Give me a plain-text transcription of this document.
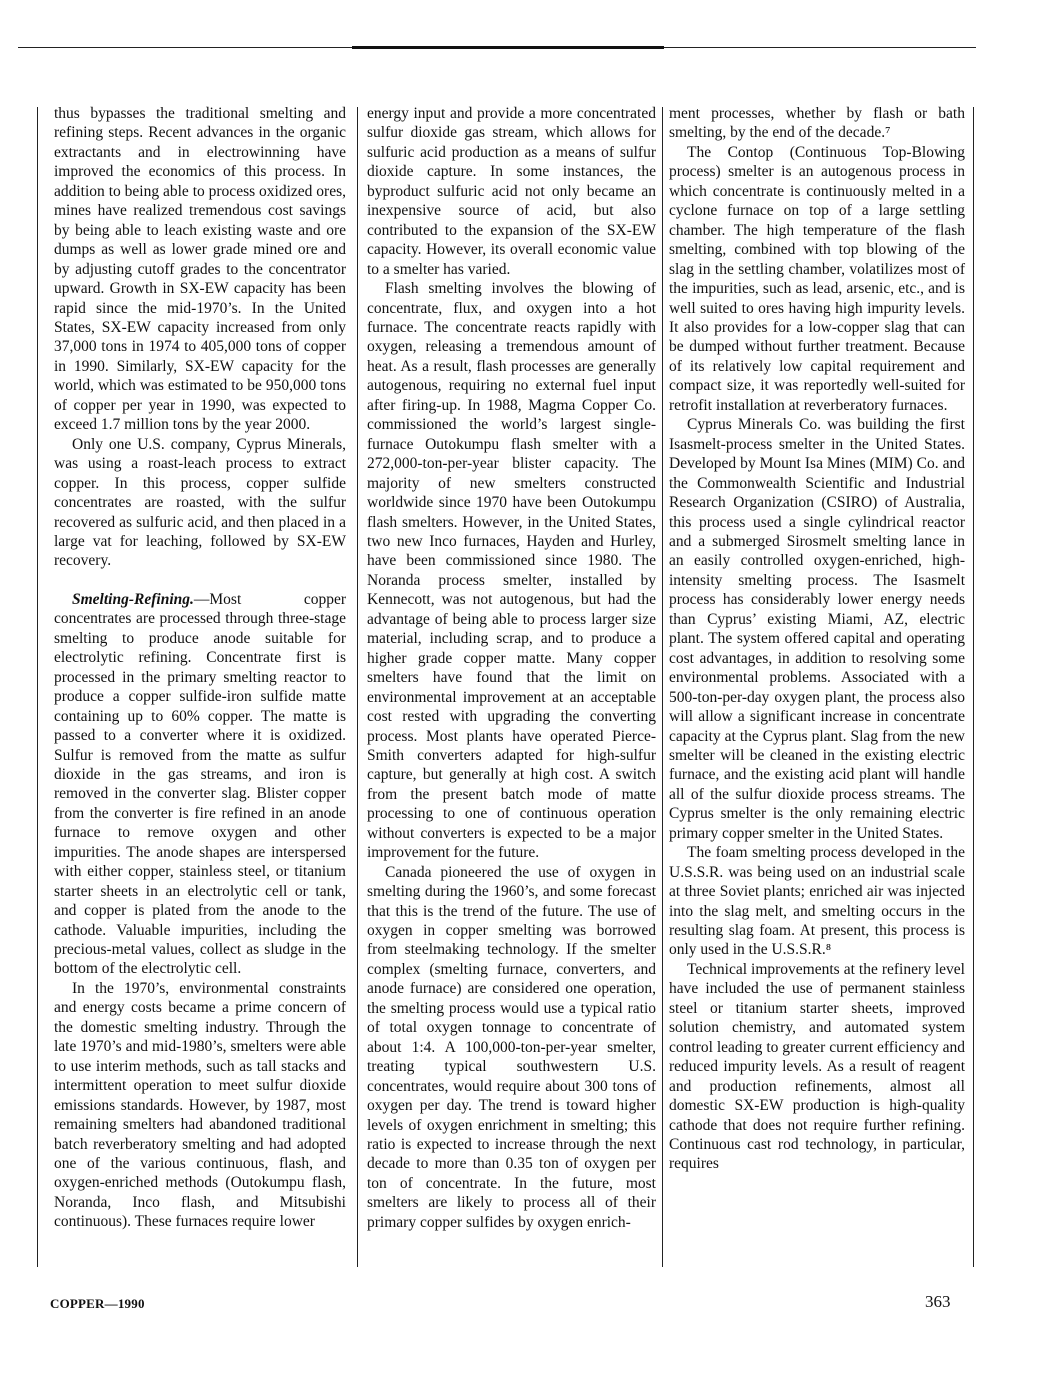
thus bypasses the traditional smelting and refining steps. Recent advances in the organic extractants and in electrowinning have improved the economics of this process. In addition to being able to process oxidized ores, mines have realized tremendous cost savings by being able to leach existing waste and ore dumps as well as lower grade mined ore and by adjusting cutoff grades to the concentrator upward. Growth in SX-EW capacity has been rapid since the mid-1970’s. In the United States, SX-EW capacity increased from only 37,000 tons in 1974 to 405,000 tons of copper in 1990. Similarly, SX-EW capacity for the world, which was estimated to be 950,000 tons of copper per year in 1990, was expected to exceed 1.7 million tons by the year 2000.

Only one U.S. company, Cyprus Minerals, was using a roast-leach process to extract copper. In this process, copper sulfide concentrates are roasted, with the sulfur recovered as sulfuric acid, and then placed in a large vat for leaching, followed by SX-EW recovery.

Smelting-Refining.—Most copper concentrates are processed through three-stage smelting to produce anode suitable for electrolytic refining. Concentrate first is processed in the primary smelting reactor to produce a copper sulfide-iron sulfide matte containing up to 60% copper. The matte is passed to a converter where it is oxidized. Sulfur is removed from the matte as sulfur dioxide in the gas streams, and iron is removed in the converter slag. Blister copper from the converter is fire refined in an anode furnace to remove oxygen and other impurities. The anode shapes are interspersed with either copper, stainless steel, or titanium starter sheets in an electrolytic cell or tank, and copper is plated from the anode to the cathode. Valuable impurities, including the precious-metal values, collect as sludge in the bottom of the electrolytic cell.

In the 1970’s, environmental constraints and energy costs became a prime concern of the domestic smelting industry. Through the late 1970’s and mid-1980’s, smelters were able to use interim methods, such as tall stacks and intermittent operation to meet sulfur dioxide emissions standards. However, by 1987, most remaining smelters had abandoned traditional batch reverberatory smelting and had adopted one of the various continuous, flash, and oxygen-enriched methods (Outokumpu flash, Noranda, Inco flash, and Mitsubishi continuous). These furnaces require lower

energy input and provide a more concentrated sulfur dioxide gas stream, which allows for sulfuric acid production as a means of sulfur dioxide capture. In some instances, the byproduct sulfuric acid not only became an inexpensive source of acid, but also contributed to the expansion of the SX-EW capacity. However, its overall economic value to a smelter has varied.

Flash smelting involves the blowing of concentrate, flux, and oxygen into a hot furnace. The concentrate reacts rapidly with oxygen, releasing a tremendous amount of heat. As a result, flash processes are generally autogenous, requiring no external fuel input after firing-up. In 1988, Magma Copper Co. commissioned the world’s largest single-furnace Outokumpu flash smelter with a 272,000-ton-per-year blister capacity. The majority of new smelters constructed worldwide since 1970 have been Outokumpu flash smelters. However, in the United States, two new Inco furnaces, Hayden and Hurley, have been commissioned since 1980. The Noranda process smelter, installed by Kennecott, was not autogenous, but had the advantage of being able to process larger size material, including scrap, and to produce a higher grade copper matte. Many copper smelters have found that the limit on environmental improvement at an acceptable cost rested with upgrading the converting process. Most plants have operated Pierce-Smith converters adapted for high-sulfur capture, but generally at high cost. A switch from the present batch mode of matte processing to one of continuous operation without converters is expected to be a major improvement for the future.

Canada pioneered the use of oxygen in smelting during the 1960’s, and some forecast that this is the trend of the future. The use of oxygen in copper smelting was borrowed from steelmaking technology. If the smelter complex (smelting furnace, converters, and anode furnace) are considered one operation, the smelting process would use a typical ratio of total oxygen tonnage to concentrate of about 1:4. A 100,000-ton-per-year smelter, treating typical southwestern U.S. concentrates, would require about 300 tons of oxygen per day. The trend is toward higher levels of oxygen enrichment in smelting; this ratio is expected to increase through the next decade to more than 0.35 ton of oxygen per ton of concentrate. In the future, most smelters are likely to process all of their primary copper sulfides by oxygen enrich-

ment processes, whether by flash or bath smelting, by the end of the decade.⁷

The Contop (Continuous Top-Blowing process) smelter is an autogenous process in which concentrate is continuously melted in a cyclone furnace on top of a large settling chamber. The high temperature of the flash smelting, combined with top blowing of the slag in the settling chamber, volatilizes most of the impurities, such as lead, arsenic, etc., and is well suited to ores having high impurity levels. It also provides for a low-copper slag that can be dumped without further treatment. Because of its relatively low capital requirement and compact size, it was reportedly well-suited for retrofit installation at reverberatory furnaces.

Cyprus Minerals Co. was building the first Isasmelt-process smelter in the United States. Developed by Mount Isa Mines (MIM) Co. and the Commonwealth Scientific and Industrial Research Organization (CSIRO) of Australia, this process used a single cylindrical reactor and a submerged Sirosmelt smelting lance in an easily controlled oxygen-enriched, high-intensity smelting process. The Isasmelt process has considerably lower energy needs than Cyprus’ existing Miami, AZ, electric plant. The system offered capital and operating cost advantages, in addition to resolving some environmental problems. Associated with a 500-ton-per-day oxygen plant, the process also will allow a significant increase in concentrate capacity at the Cyprus plant. Slag from the new smelter will be cleaned in the existing electric furnace, and the existing acid plant will handle all of the sulfur dioxide process streams. The Cyprus smelter is the only remaining electric primary copper smelter in the United States.

The foam smelting process developed in the U.S.S.R. was being used on an industrial scale at three Soviet plants; enriched air was injected into the slag melt, and smelting occurs in the resulting slag foam. At present, this process is only used in the U.S.S.R.⁸

Technical improvements at the refinery level have included the use of permanent stainless steel or titanium starter sheets, improved solution chemistry, and automated system control leading to greater current efficiency and reduced impurity levels. As a result of reagent and production refinements, almost all domestic SX-EW production is high-quality cathode that does not require further refining. Continuous cast rod technology, in particular, requires

COPPER—1990	363
